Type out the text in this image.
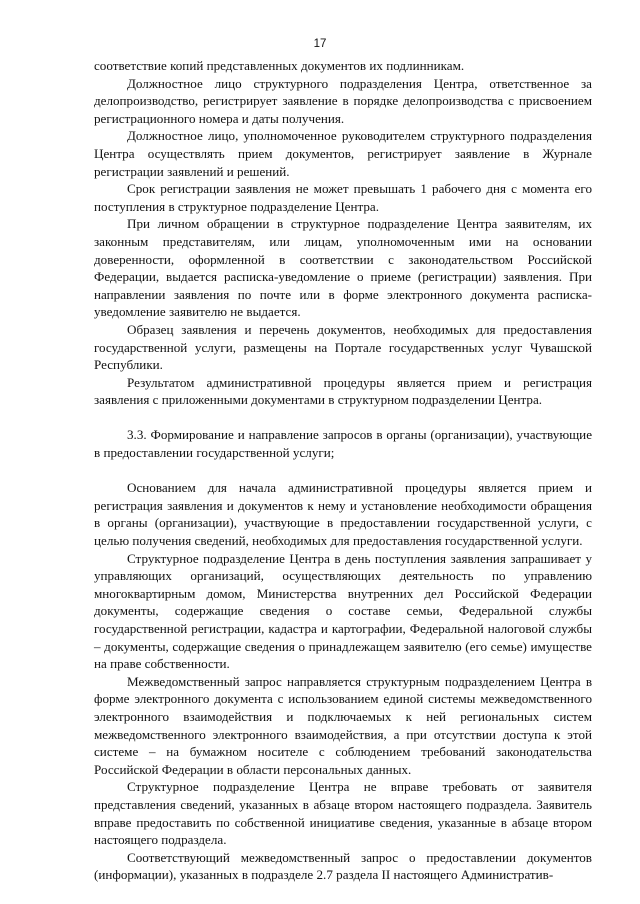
17

соответствие копий представленных документов их подлинникам.

Должностное лицо структурного подразделения Центра, ответственное за делопроизводство, регистрирует заявление в порядке делопроизводства с присвоением регистрационного номера и даты получения.

Должностное лицо, уполномоченное руководителем структурного подразделения Центра осуществлять прием документов, регистрирует заявление в Журнале регистрации заявлений и решений.

Срок регистрации заявления не может превышать 1 рабочего дня с момента его поступления в структурное подразделение Центра.

При личном обращении в структурное подразделение Центра заявителям, их законным представителям, или лицам, уполномоченным ими на основании доверенности, оформленной в соответствии с законодательством Российской Федерации, выдается расписка-уведомление о приеме (регистрации) заявления. При направлении заявления по почте или в форме электронного документа расписка-уведомление заявителю не выдается.

Образец заявления и перечень документов, необходимых для предоставления государственной услуги, размещены на Портале государственных услуг Чувашской Республики.

Результатом административной процедуры является прием и регистрация заявления с приложенными документами в структурном подразделении Центра.

3.3. Формирование и направление запросов в органы (организации), участвующие в предоставлении государственной услуги;

Основанием для начала административной процедуры является прием и регистрация заявления и документов к нему и установление необходимости обращения в органы (организации), участвующие в предоставлении государственной услуги, с целью получения сведений, необходимых для предоставления государственной услуги.

Структурное подразделение Центра в день поступления заявления запрашивает у управляющих организаций, осуществляющих деятельность по управлению многоквартирным домом, Министерства внутренних дел Российской Федерации документы, содержащие сведения о составе семьи, Федеральной службы государственной регистрации, кадастра и картографии, Федеральной налоговой службы – документы, содержащие сведения о принадлежащем заявителю (его семье) имуществе на праве собственности.

Межведомственный запрос направляется структурным подразделением Центра в форме электронного документа с использованием единой системы межведомственного электронного взаимодействия и подключаемых к ней региональных систем межведомственного электронного взаимодействия, а при отсутствии доступа к этой системе – на бумажном носителе с соблюдением требований законодательства Российской Федерации в области персональных данных.

Структурное подразделение Центра не вправе требовать от заявителя представления сведений, указанных в абзаце втором настоящего подраздела. Заявитель вправе предоставить по собственной инициативе сведения, указанные в абзаце втором настоящего подраздела.

Соответствующий межведомственный запрос о предоставлении документов (информации), указанных в подразделе 2.7 раздела II настоящего Административ-
